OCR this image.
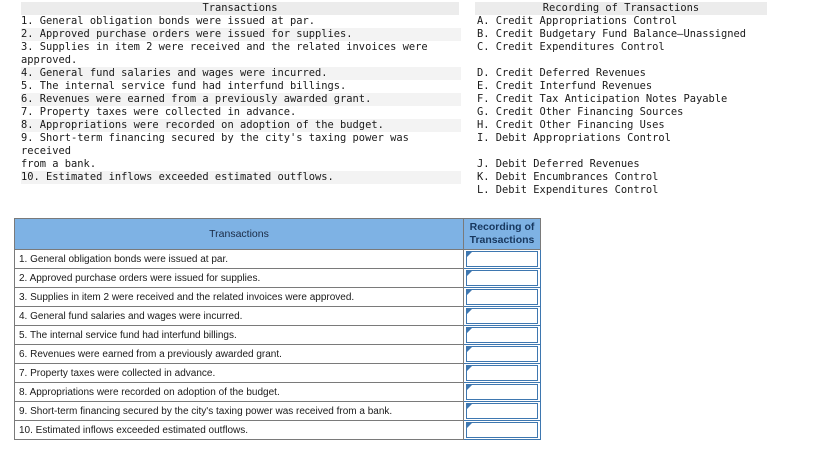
Transactions	Recording of Transactions
1. General obligation bonds were issued at par.
2. Approved purchase orders were issued for supplies.
3. Supplies in item 2 were received and the related invoices were
approved.
4. General fund salaries and wages were incurred.
5. The internal service fund had interfund billings.
6. Revenues were earned from a previously awarded grant.
7. Property taxes were collected in advance.
8. Appropriations were recorded on adoption of the budget.
9. Short-term financing secured by the city's taxing power was received
from a bank.
10. Estimated inflows exceeded estimated outflows.
A. Credit Appropriations Control
B. Credit Budgetary Fund Balance—Unassigned
C. Credit Expenditures Control
D. Credit Deferred Revenues
E. Credit Interfund Revenues
F. Credit Tax Anticipation Notes Payable
G. Credit Other Financing Sources
H. Credit Other Financing Uses
I. Debit Appropriations Control
J. Debit Deferred Revenues
K. Debit Encumbrances Control
L. Debit Expenditures Control
Transactions	Recording of Transactions
1. General obligation bonds were issued at par.	

2. Approved purchase orders were issued for supplies.	

3. Supplies in item 2 were received and the related invoices were approved.	

4. General fund salaries and wages were incurred.	

5. The internal service fund had interfund billings.	

6. Revenues were earned from a previously awarded grant.	

7. Property taxes were collected in advance.	

8. Appropriations were recorded on adoption of the budget.	

9. Short-term financing secured by the city's taxing power was received from a bank.	

10. Estimated inflows exceeded estimated outflows.	
